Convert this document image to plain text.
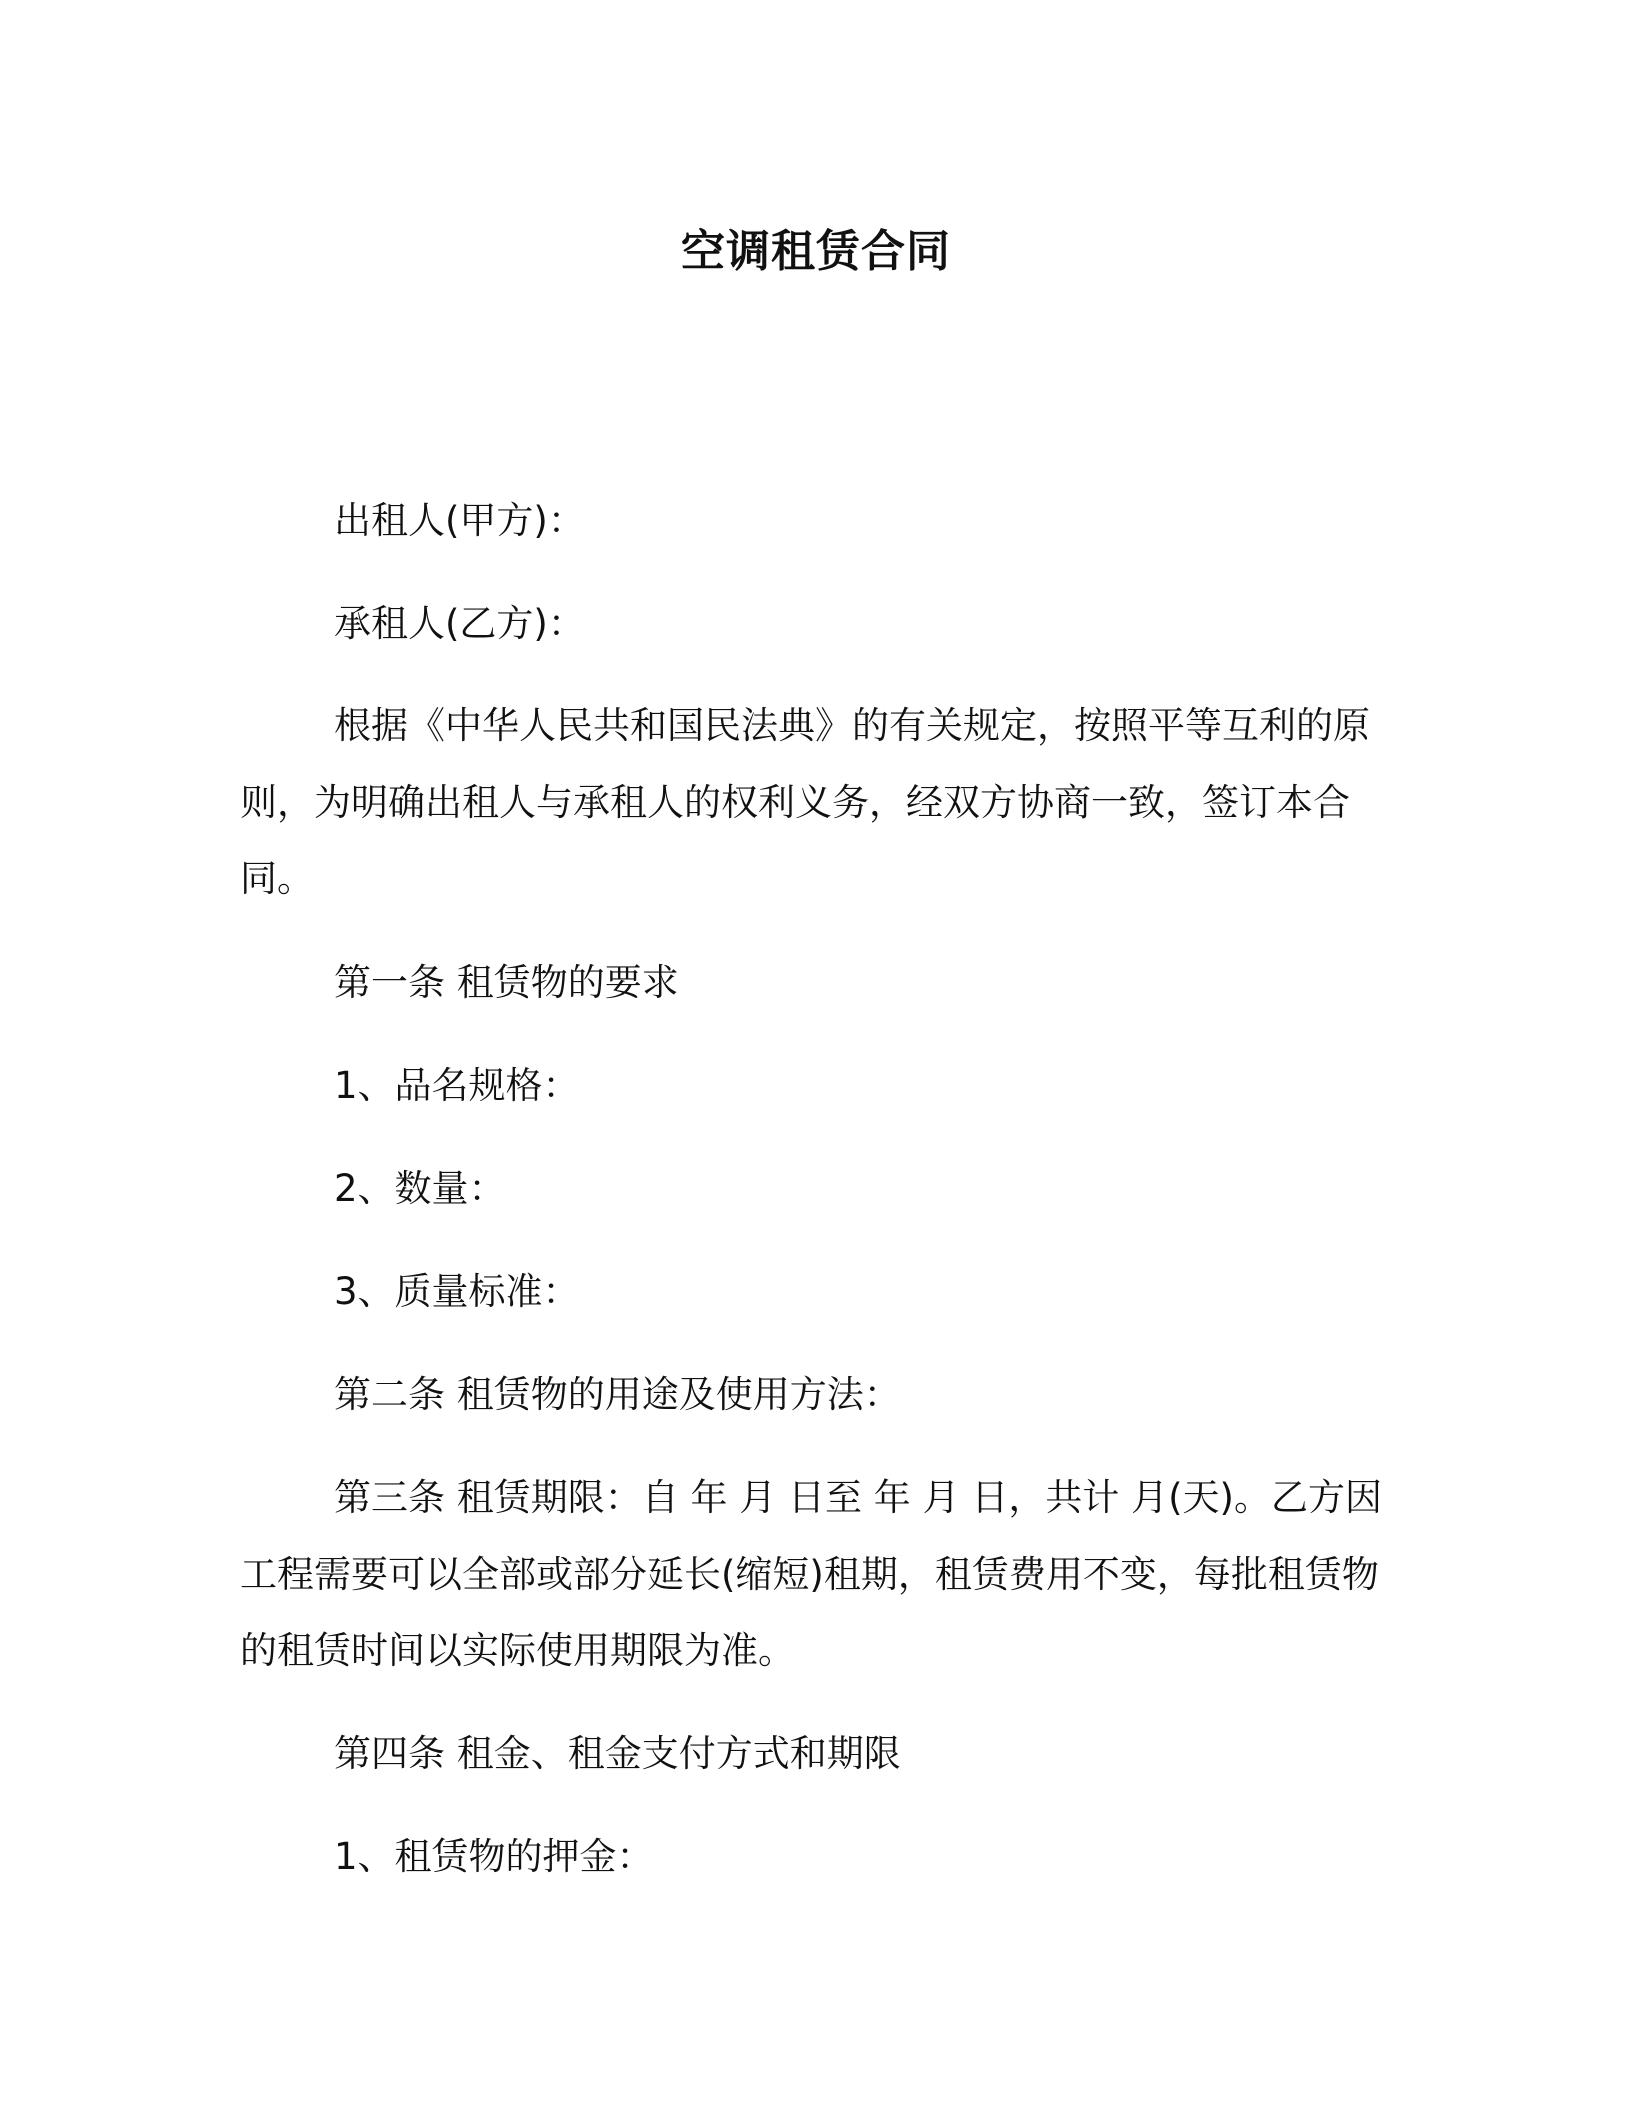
空调租赁合同
出租人(甲方)：
承租人(乙方)：
根据《中华人民共和国民法典》的有关规定，按照平等互利的原
则，为明确出租人与承租人的权利义务，经双方协商一致，签订本合
同。
第一条 租赁物的要求
1、品名规格：
2、数量：
3、质量标准：
第二条 租赁物的用途及使用方法：
第三条 租赁期限：自 年 月 日至 年 月 日，共计 月(天)。乙方因
工程需要可以全部或部分延长(缩短)租期，租赁费用不变，每批租赁物
的租赁时间以实际使用期限为准。
第四条 租金、租金支付方式和期限
1、租赁物的押金：
